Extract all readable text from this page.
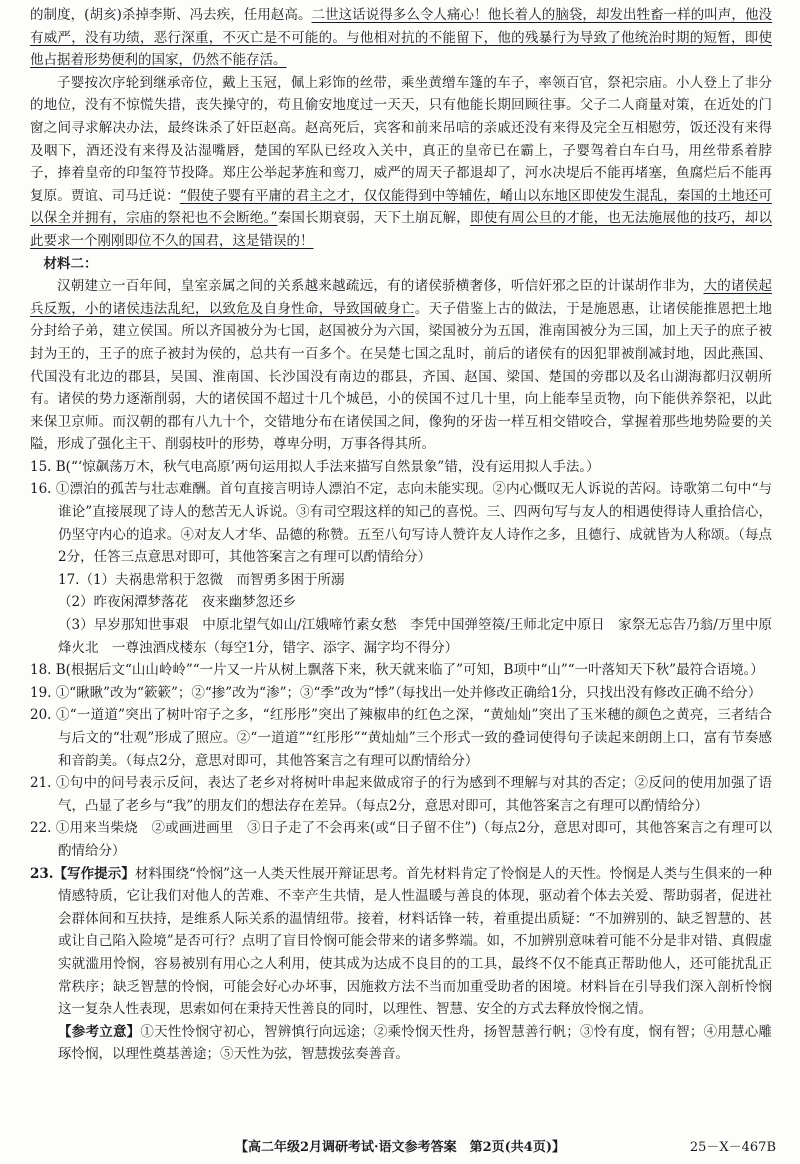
的制度，(胡亥)杀掉李斯、冯去疾，任用赵高。二世这话说得多么令人痛心！他长着人的脑袋，却发出牲畜一样的叫声，他没有威严，没有功绩，恶行深重，不灭亡是不可能的。与他相对抗的不能留下，他的残暴行为导致了他统治时期的短暂，即使他占据着形势便利的国家，仍然不能存活。

子婴按次序轮到继承帝位，戴上玉冠，佩上彩饰的丝带，乘坐黄缯车篷的车子，率领百官，祭祀宗庙。小人登上了非分的地位，没有不惊慌失措，丧失操守的，苟且偷安地度过一天天，只有他能长期回顾往事。父子二人商量对策，在近处的门窗之间寻求解决办法，最终诛杀了奸臣赵高。赵高死后，宾客和前来吊唁的亲戚还没有来得及完全互相慰劳，饭还没有来得及咽下，酒还没有来得及沾湿嘴唇，楚国的军队已经攻入关中，真正的皇帝已在霸上，子婴驾着白车白马，用丝带系着脖子，捧着皇帝的印玺符节投降。郑庄公举起茅旌和鸾刀，威严的周天子都退却了，河水决堤后不能再堵塞，鱼腐烂后不能再复原。贾谊、司马迁说：“假使子婴有平庸的君主之才，仅仅能得到中等辅佐，崤山以东地区即使发生混乱，秦国的土地还可以保全并拥有，宗庙的祭祀也不会断绝。”秦国长期衰弱，天下土崩瓦解，即使有周公旦的才能，也无法施展他的技巧，却以此要求一个刚刚即位不久的国君，这是错误的！

材料二：

汉朝建立一百年间，皇室亲属之间的关系越来越疏远，有的诸侯骄横奢侈，听信奸邪之臣的计谋胡作非为，大的诸侯起兵反叛，小的诸侯违法乱纪，以致危及自身性命，导致国破身亡。天子借鉴上古的做法，于是施恩惠，让诸侯能推恩把土地分封给子弟，建立侯国。所以齐国被分为七国，赵国被分为六国，梁国被分为五国，淮南国被分为三国，加上天子的庶子被封为王的，王子的庶子被封为侯的，总共有一百多个。在吴楚七国之乱时，前后的诸侯有的因犯罪被削减封地，因此燕国、代国没有北边的郡县，吴国、淮南国、长沙国没有南边的郡县，齐国、赵国、梁国、楚国的旁郡以及名山湖海都归汉朝所有。诸侯的势力逐渐削弱，大的诸侯国不超过十几个城邑，小的侯国不过几十里，向上能奉呈贡物，向下能供养祭祀，以此来保卫京师。而汉朝的郡有八九十个，交错地分布在诸侯国之间，像狗的牙齿一样互相交错咬合，掌握着那些地势险要的关隘，形成了强化主干、削弱枝叶的形势，尊卑分明，万事各得其所。

15. B(“‘惊飙荡万木，秋气电高原’两句运用拟人手法来描写自然景象”错，没有运用拟人手法。）

16. ①漂泊的孤苦与壮志难酬。首句直接言明诗人漂泊不定，志向未能实现。②内心慨叹无人诉说的苦闷。诗歌第二句中“与谁论”直接展现了诗人的愁苦无人诉说。③有司空瑕这样的知己的喜悦。三、四两句写与友人的相遇使得诗人重拾信心，仍坚守内心的追求。④对友人才华、品德的称赞。五至八句写诗人赞许友人诗作之多，且德行、成就皆为人称颂。（每点2分，任答三点意思对即可，其他答案言之有理可以酌情给分）

17.（1）夫祸患常积于忽微　而智勇多困于所溺
（2）昨夜闲潭梦落花　夜来幽梦忽还乡
（3）早岁那知世事艰　中原北望气如山/江娥啼竹素女愁　李凭中国弹箜篌/王师北定中原日　家祭无忘告乃翁/万里中原烽火北　一尊浊酒戍楼东（每空1分，错字、添字、漏字均不得分）

18. B(根据后文“山山岭岭”“一片又一片从树上飘落下来，秋天就来临了”可知，B项中“山”“一叶落知天下秋”最符合语境。）

19. ①“瞅瞅”改为“簌簌”；②“掺”改为“渗”；③“季”改为“悸”（每找出一处并修改正确给1分，只找出没有修改正确不给分）

20. ①“一道道”突出了树叶帘子之多，“红彤彤”突出了辣椒串的红色之深，“黄灿灿”突出了玉米穗的颜色之黄亮，三者结合与后文的“壮观”形成了照应。②“一道道”“红彤彤”“黄灿灿”三个形式一致的叠词使得句子读起来朗朗上口，富有节奏感和音韵美。（每点2分，意思对即可，其他答案言之有理可以酌情给分）

21. ①句中的问号表示反问，表达了老乡对将树叶串起来做成帘子的行为感到不理解与对其的否定；②反问的使用加强了语气，凸显了老乡与“我”的朋友们的想法存在差异。（每点2分，意思对即可，其他答案言之有理可以酌情给分）

22. ①用来当柴烧　②或画进画里　③日子走了不会再来(或“日子留不住”)（每点2分，意思对即可，其他答案言之有理可以酌情给分）

23.【写作提示】材料围绕“怜悯”这一人类天性展开辩证思考。首先材料肯定了怜悯是人的天性。怜悯是人类与生俱来的一种情感特质，它让我们对他人的苦难、不幸产生共情，是人性温暖与善良的体现，驱动着个体去关爱、帮助弱者，促进社会群体间和互扶持，是维系人际关系的温情纽带。接着，材料话锋一转，着重提出质疑：“不加辨别的、缺乏智慧的、甚或让自己陷入险境”是否可行？点明了盲目怜悯可能会带来的诸多弊端。如，不加辨别意味着可能不分是非对错、真假虚实就滥用怜悯，容易被别有用心之人利用，使其成为达成不良目的的工具，最终不仅不能真正帮助他人，还可能扰乱正常秩序；缺乏智慧的怜悯，可能会好心办坏事，因施救方法不当而加重受助者的困境。材料旨在引导我们深入剖析怜悯这一复杂人性表现，思索如何在秉持天性善良的同时，以理性、智慧、安全的方式去释放怜悯之情。

【参考立意】①天性怜悯守初心，智辨慎行向远途；②乘怜悯天性舟，扬智慧善行帆；③怜有度，悯有智；④用慧心雕琢怜悯，以理性奠基善途；⑤天性为弦，智慧拨弦奏善音。

【高二年级2月调研考试·语文参考答案　第2页(共4页)】	25－X－467B
